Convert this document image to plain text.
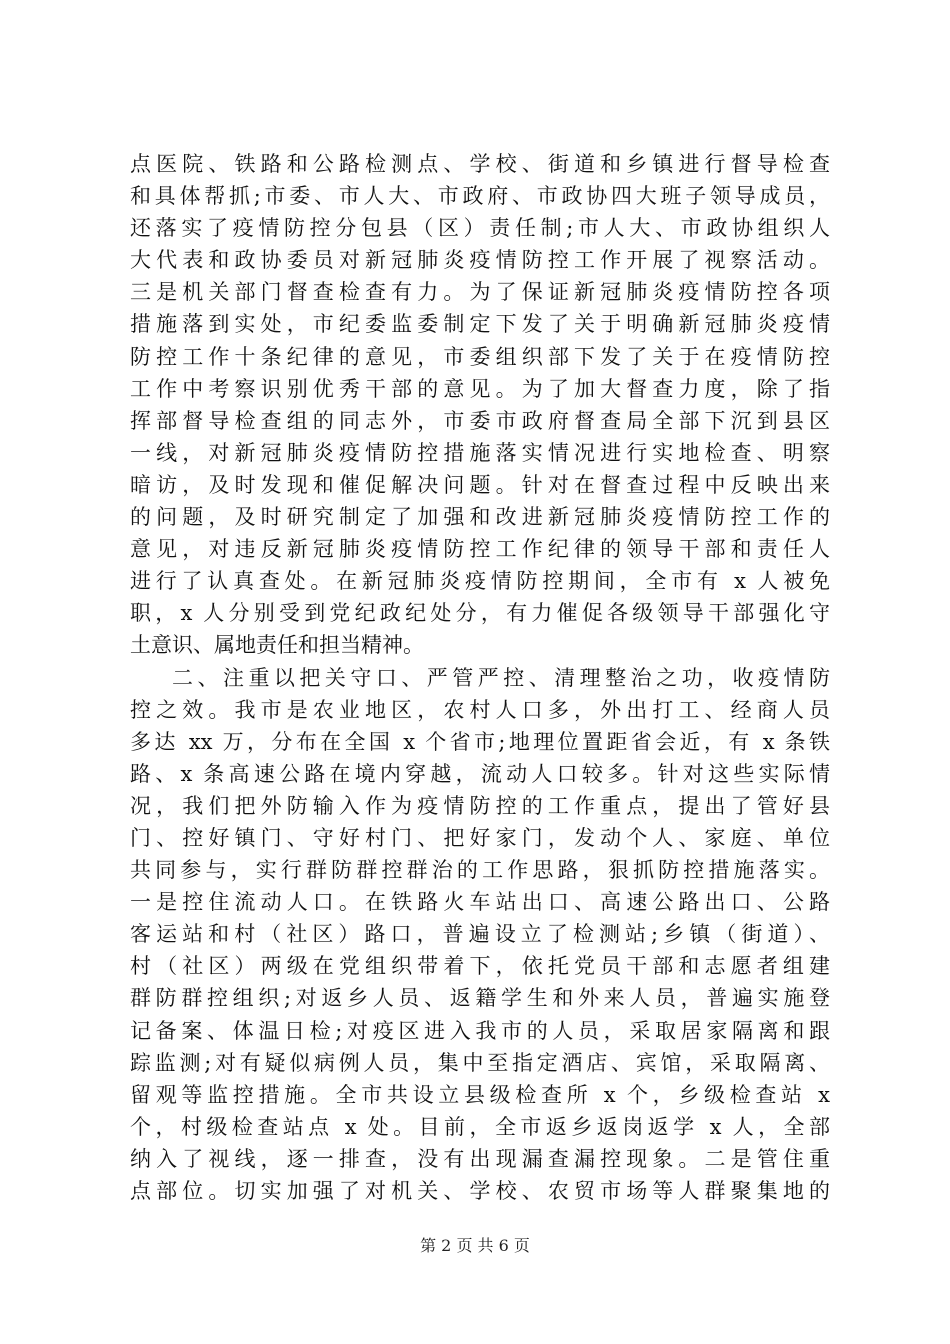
点医院、铁路和公路检测点、学校、街道和乡镇进行督导检查
和具体帮抓;市委、市人大、市政府、市政协四大班子领导成员，
还落实了疫情防控分包县（区）责任制;市人大、市政协组织人
大代表和政协委员对新冠肺炎疫情防控工作开展了视察活动。
三是机关部门督查检查有力。为了保证新冠肺炎疫情防控各项
措施落到实处，市纪委监委制定下发了关于明确新冠肺炎疫情
防控工作十条纪律的意见，市委组织部下发了关于在疫情防控
工作中考察识别优秀干部的意见。为了加大督查力度，除了指
挥部督导检查组的同志外，市委市政府督查局全部下沉到县区
一线，对新冠肺炎疫情防控措施落实情况进行实地检查、明察
暗访，及时发现和催促解决问题。针对在督查过程中反映出来
的问题，及时研究制定了加强和改进新冠肺炎疫情防控工作的
意见，对违反新冠肺炎疫情防控工作纪律的领导干部和责任人
进行了认真查处。在新冠肺炎疫情防控期间，全市有 x 人被免
职，x 人分别受到党纪政纪处分，有力催促各级领导干部强化守
土意识、属地责任和担当精神。
二、注重以把关守口、严管严控、清理整治之功，收疫情防
控之效。我市是农业地区，农村人口多，外出打工、经商人员
多达 xx 万，分布在全国 x 个省市;地理位置距省会近，有 x 条铁
路、x 条高速公路在境内穿越，流动人口较多。针对这些实际情
况，我们把外防输入作为疫情防控的工作重点，提出了管好县
门、控好镇门、守好村门、把好家门，发动个人、家庭、单位
共同参与，实行群防群控群治的工作思路，狠抓防控措施落实。
一是控住流动人口。在铁路火车站出口、高速公路出口、公路
客运站和村（社区）路口，普遍设立了检测站;乡镇（街道）、
村（社区）两级在党组织带着下，依托党员干部和志愿者组建
群防群控组织;对返乡人员、返籍学生和外来人员，普遍实施登
记备案、体温日检;对疫区进入我市的人员，采取居家隔离和跟
踪监测;对有疑似病例人员，集中至指定酒店、宾馆，采取隔离、
留观等监控措施。全市共设立县级检查所 x 个，乡级检查站 x
个，村级检查站点 x 处。目前，全市返乡返岗返学 x 人，全部
纳入了视线，逐一排查，没有出现漏查漏控现象。二是管住重
点部位。切实加强了对机关、学校、农贸市场等人群聚集地的
第 2 页 共 6 页
